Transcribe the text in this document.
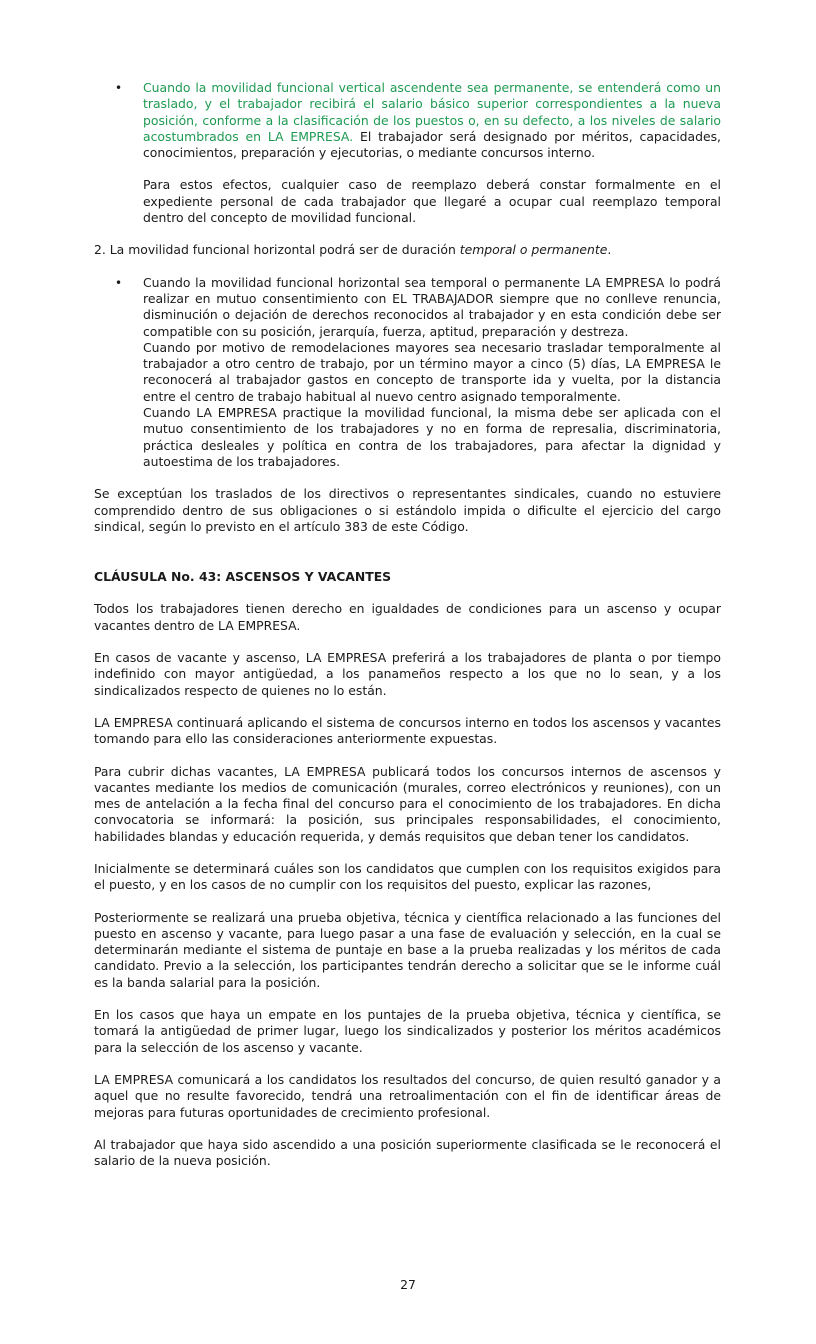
• Cuando la movilidad funcional vertical ascendente sea permanente, se entenderá como un traslado, y el trabajador recibirá el salario básico superior correspondientes a la nueva posición, conforme a la clasificación de los puestos o, en su defecto, a los niveles de salario acostumbrados en LA EMPRESA. El trabajador será designado por méritos, capacidades, conocimientos, preparación y ejecutorias, o mediante concursos interno.

Para estos efectos, cualquier caso de reemplazo deberá constar formalmente en el expediente personal de cada trabajador que llegaré a ocupar cual reemplazo temporal dentro del concepto de movilidad funcional.

2. La movilidad funcional horizontal podrá ser de duración temporal o permanente.

• Cuando la movilidad funcional horizontal sea temporal o permanente LA EMPRESA lo podrá realizar en mutuo consentimiento con EL TRABAJADOR siempre que no conlleve renuncia, disminución o dejación de derechos reconocidos al trabajador y en esta condición debe ser compatible con su posición, jerarquía, fuerza, aptitud, preparación y destreza.

Cuando por motivo de remodelaciones mayores sea necesario trasladar temporalmente al trabajador a otro centro de trabajo, por un término mayor a cinco (5) días, LA EMPRESA le reconocerá al trabajador gastos en concepto de transporte ida y vuelta, por la distancia entre el centro de trabajo habitual al nuevo centro asignado temporalmente.

Cuando LA EMPRESA practique la movilidad funcional, la misma debe ser aplicada con el mutuo consentimiento de los trabajadores y no en forma de represalia, discriminatoria, práctica desleales y política en contra de los trabajadores, para afectar la dignidad y autoestima de los trabajadores.

Se exceptúan los traslados de los directivos o representantes sindicales, cuando no estuviere comprendido dentro de sus obligaciones o si estándolo impida o dificulte el ejercicio del cargo sindical, según lo previsto en el artículo 383 de este Código.

CLÁUSULA No. 43: ASCENSOS Y VACANTES

Todos los trabajadores tienen derecho en igualdades de condiciones para un ascenso y ocupar vacantes dentro de LA EMPRESA.

En casos de vacante y ascenso, LA EMPRESA preferirá a los trabajadores de planta o por tiempo indefinido con mayor antigüedad, a los panameños respecto a los que no lo sean, y a los sindicalizados respecto de quienes no lo están.

LA EMPRESA continuará aplicando el sistema de concursos interno en todos los ascensos y vacantes tomando para ello las consideraciones anteriormente expuestas.

Para cubrir dichas vacantes, LA EMPRESA publicará todos los concursos internos de ascensos y vacantes mediante los medios de comunicación (murales, correo electrónicos y reuniones), con un mes de antelación a la fecha final del concurso para el conocimiento de los trabajadores. En dicha convocatoria se informará: la posición, sus principales responsabilidades, el conocimiento, habilidades blandas y educación requerida, y demás requisitos que deban tener los candidatos.

Inicialmente se determinará cuáles son los candidatos que cumplen con los requisitos exigidos para el puesto, y en los casos de no cumplir con los requisitos del puesto, explicar las razones,

Posteriormente se realizará una prueba objetiva, técnica y científica relacionado a las funciones del puesto en ascenso y vacante, para luego pasar a una fase de evaluación y selección, en la cual se determinarán mediante el sistema de puntaje en base a la prueba realizadas y los méritos de cada candidato. Previo a la selección, los participantes tendrán derecho a solicitar que se le informe cuál es la banda salarial para la posición.

En los casos que haya un empate en los puntajes de la prueba objetiva, técnica y científica, se tomará la antigüedad de primer lugar, luego los sindicalizados y posterior los méritos académicos para la selección de los ascenso y vacante.

LA EMPRESA comunicará a los candidatos los resultados del concurso, de quien resultó ganador y a aquel que no resulte favorecido, tendrá una retroalimentación con el fin de identificar áreas de mejoras para futuras oportunidades de crecimiento profesional.

Al trabajador que haya sido ascendido a una posición superiormente clasificada se le reconocerá el salario de la nueva posición.

27
